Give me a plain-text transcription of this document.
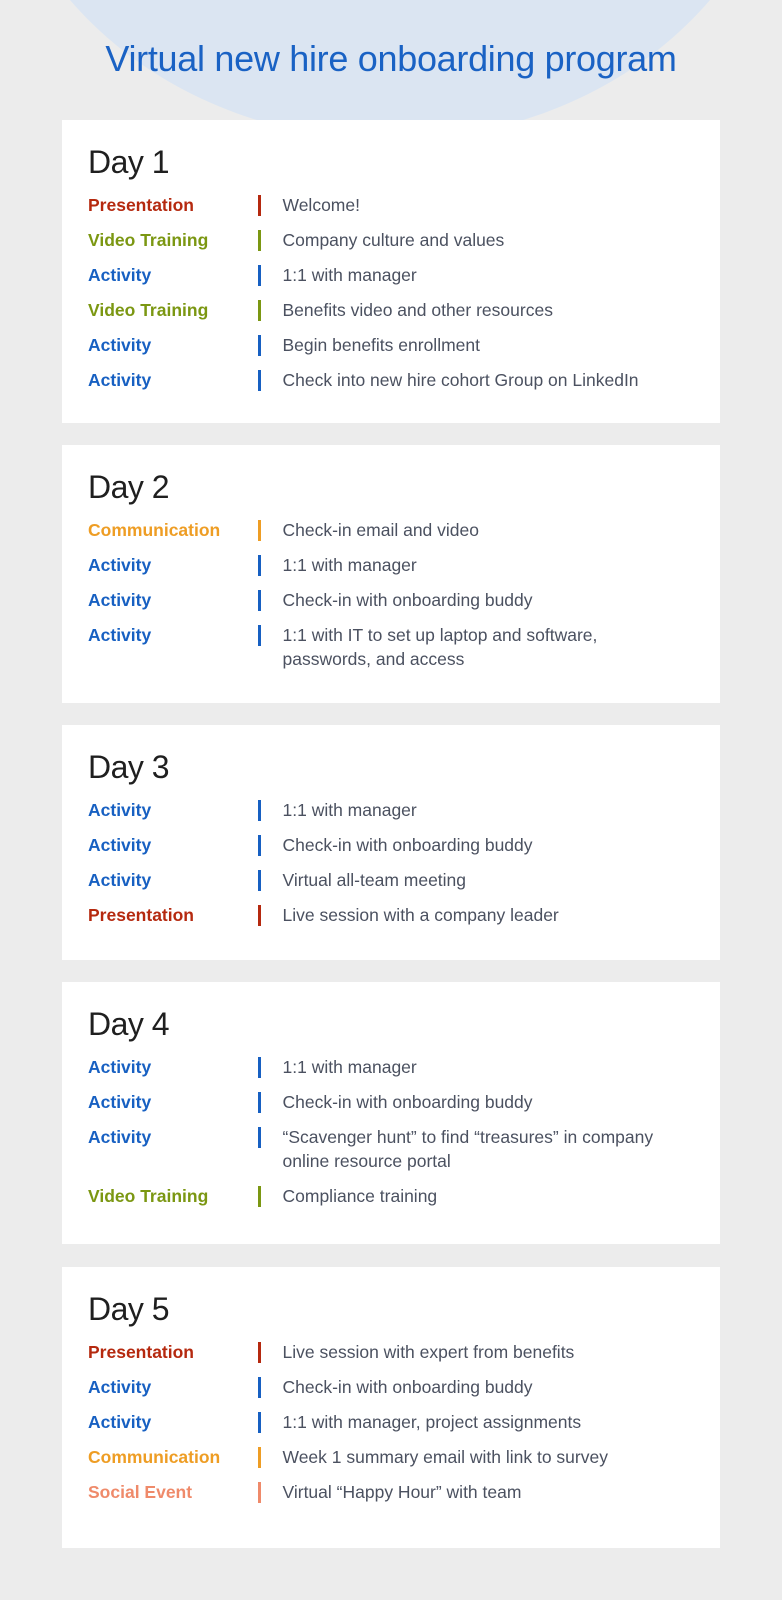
Virtual new hire onboarding program
Day 1
Presentation	Welcome!
Video Training	Company culture and values
Activity	1:1 with manager
Video Training	Benefits video and other resources
Activity	Begin benefits enrollment
Activity	Check into new hire cohort Group on LinkedIn
Day 2
Communication	Check-in email and video
Activity	1:1 with manager
Activity	Check-in with onboarding buddy
Activity	1:1 with IT to set up laptop and software, passwords, and access
Day 3
Activity	1:1 with manager
Activity	Check-in with onboarding buddy
Activity	Virtual all-team meeting
Presentation	Live session with a company leader
Day 4
Activity	1:1 with manager
Activity	Check-in with onboarding buddy
Activity	“Scavenger hunt” to find “treasures” in company online resource portal
Video Training	Compliance training
Day 5
Presentation	Live session with expert from benefits
Activity	Check-in with onboarding buddy
Activity	1:1 with manager, project assignments
Communication	Week 1 summary email with link to survey
Social Event	Virtual “Happy Hour” with team
